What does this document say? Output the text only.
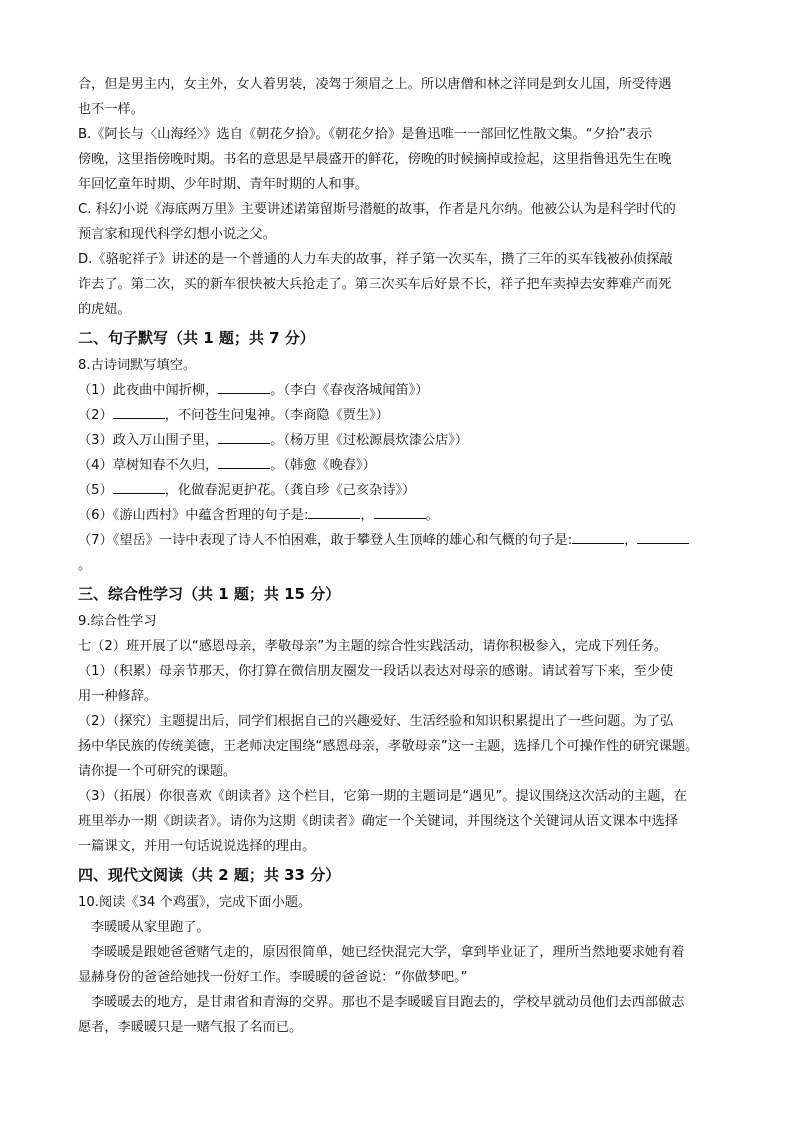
合，但是男主内，女主外，女人着男装，凌驾于须眉之上。所以唐僧和林之洋同是到女儿国，所受待遇

也不一样。

B.《阿长与〈山海经〉》选自《朝花夕拾》。《朝花夕拾》是鲁迅唯一一部回忆性散文集。“夕拾”表示

傍晚，这里指傍晚时期。书名的意思是早晨盛开的鲜花，傍晚的时候摘掉或捡起，这里指鲁迅先生在晚

年回忆童年时期、少年时期、青年时期的人和事。

C. 科幻小说《海底两万里》主要讲述诺第留斯号潜艇的故事，作者是凡尔纳。他被公认为是科学时代的

预言家和现代科学幻想小说之父。

D.《骆驼祥子》讲述的是一个普通的人力车夫的故事，祥子第一次买车，攒了三年的买车钱被孙侦探敲

诈去了。第二次，买的新车很快被大兵抢走了。第三次买车后好景不长，祥子把车卖掉去安葬难产而死

的虎妞。

二、句子默写（共 1 题；共 7 分）

8.古诗词默写填空。

（1）此夜曲中闻折柳，	。（李白《春夜洛城闻笛》）

（2）	，不问苍生问鬼神。（李商隐《贾生》）

（3）政入万山围子里，	。（杨万里《过松源晨炊漆公店》）

（4）草树知春不久归，	。（韩愈《晚春》）

（5）	，化做春泥更护花。（龚自珍《己亥杂诗》）

（6）《游山西村》中蕴含哲理的句子是:	，	。

（7）《望岳》一诗中表现了诗人不怕困难，敢于攀登人生顶峰的雄心和气概的句子是:	，

。

三、综合性学习（共 1 题；共 15 分）

9.综合性学习

七（2）班开展了以“感恩母亲，孝敬母亲”为主题的综合性实践活动，请你积极参入，完成下列任务。

（1）（积累）母亲节那天，你打算在微信朋友圈发一段话以表达对母亲的感谢。请试着写下来，至少使

用一种修辞。

（2）（探究）主题提出后，同学们根据自己的兴趣爱好、生活经验和知识积累提出了一些问题。为了弘

扬中华民族的传统美德，王老师决定围绕“感恩母亲，孝敬母亲”这一主题，选择几个可操作性的研究课题。

请你提一个可研究的课题。

（3）（拓展）你很喜欢《朗读者》这个栏目，它第一期的主题词是“遇见”。提议围绕这次活动的主题，在

班里举办一期《朗读者》。请你为这期《朗读者》确定一个关键词，并围绕这个关键词从语文课本中选择

一篇课文，并用一句话说说选择的理由。

四、现代文阅读（共 2 题；共 33 分）

10.阅读《34 个鸡蛋》，完成下面小题。

李暖暖从家里跑了。

李暖暖是跟她爸爸赌气走的，原因很简单，她已经快混完大学，拿到毕业证了，理所当然地要求她有着

显赫身份的爸爸给她找一份好工作。李暖暖的爸爸说：“你做梦吧。”

李暖暖去的地方，是甘肃省和青海的交界。那也不是李暖暖盲目跑去的，学校早就动员他们去西部做志

愿者，李暖暖只是一赌气报了名而已。
